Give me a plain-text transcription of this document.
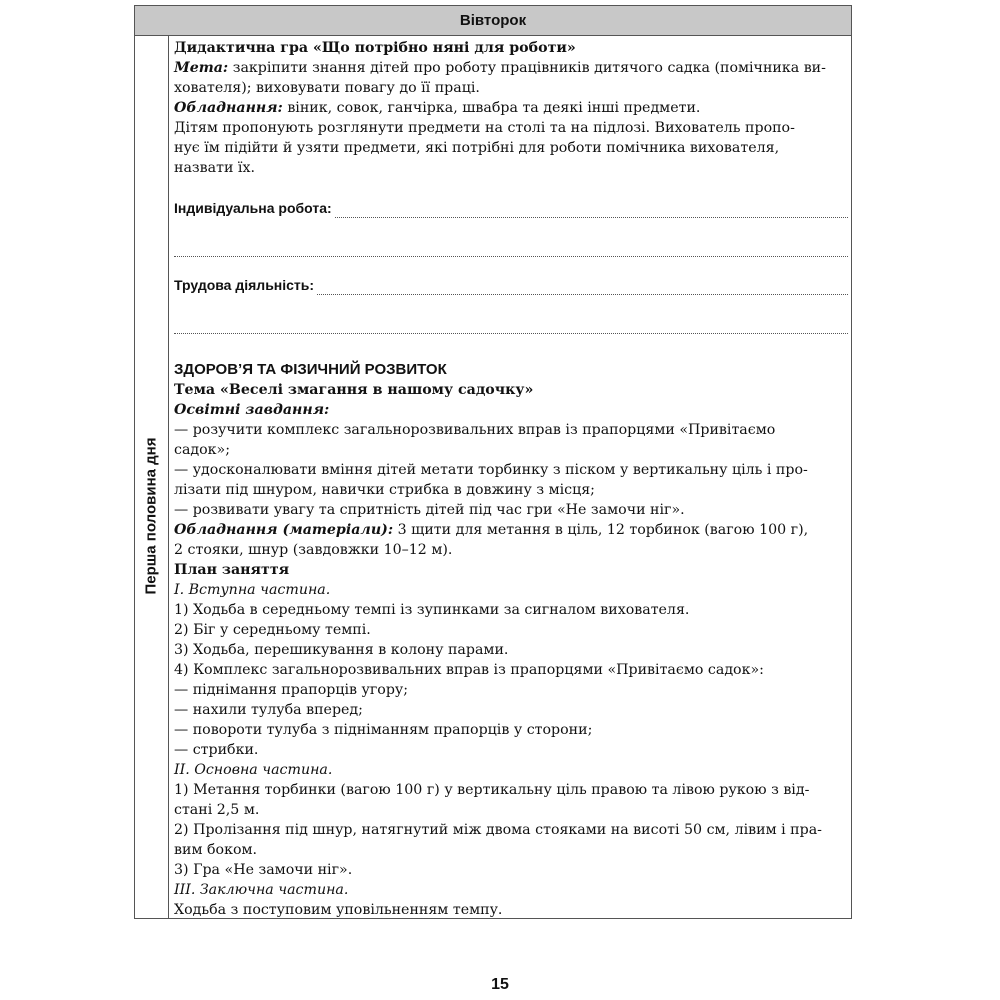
Вівторок
Перша половина дня

Дидактична гра «Що потрібно няні для роботи»

Мета: закріпити знання дітей про роботу працівників дитячого садка (помічника ви-

хователя); виховувати повагу до її праці.

Обладнання: віник, совок, ганчірка, швабра та деякі інші предмети.

Дітям пропонують розглянути предмети на столі та на підлозі. Вихователь пропо-

нує їм підійти й узяти предмети, які потрібні для роботи помічника вихователя,

назвати їх.

Індивідуальна робота:
Трудова діяльність:

ЗДОРОВ’Я ТА ФІЗИЧНИЙ РОЗВИТОК

Тема «Веселі змагання в нашому садочку»

Освітні завдання:

— розучити комплекс загальнорозвивальних вправ із прапорцями «Привітаємо

садок»;

— удосконалювати вміння дітей метати торбинку з піском у вертикальну ціль і про-

лізати під шнуром, навички стрибка в довжину з місця;

— розвивати увагу та спритність дітей під час гри «Не замочи ніг».

Обладнання (матеріали): 3 щити для метання в ціль, 12 торбинок (вагою 100 г),

2 стояки, шнур (завдовжки 10–12 м).

План заняття

I. Вступна частина.

1) Ходьба в середньому темпі із зупинками за сигналом вихователя.

2) Біг у середньому темпі.

3) Ходьба, перешикування в колону парами.

4) Комплекс загальнорозвивальних вправ із прапорцями «Привітаємо садок»:

— піднімання прапорців угору;

— нахили тулуба вперед;

— повороти тулуба з підніманням прапорців у сторони;

— стрибки.

II. Основна частина.

1) Метання торбинки (вагою 100 г) у вертикальну ціль правою та лівою рукою з від-

стані 2,5 м.

2) Пролізання під шнур, натягнутий між двома стояками на висоті 50 см, лівим і пра-

вим боком.

3) Гра «Не замочи ніг».

III. Заключна частина.

Ходьба з поступовим уповільненням темпу.

15
